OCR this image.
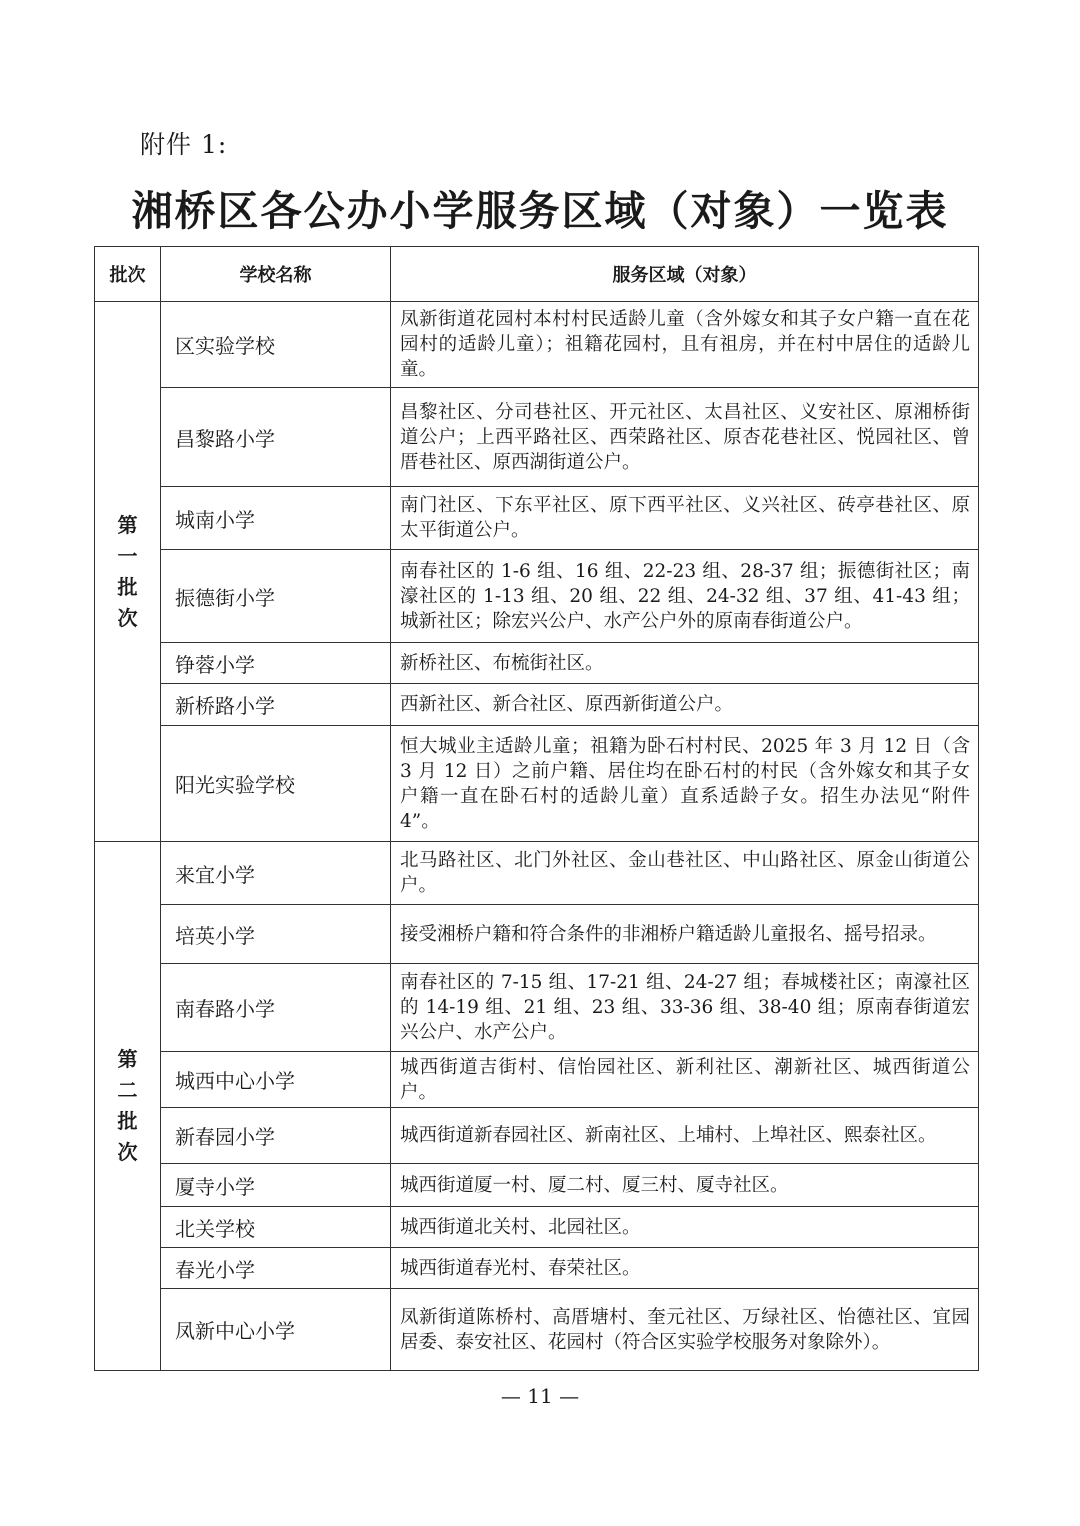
附件 1:
湘桥区各公办小学服务区域（对象）一览表
批次	学校名称	服务区域（对象）
第一批次	区实验学校	凤新街道花园村本村村民适龄儿童（含外嫁女和其子女户籍一直在花园村的适龄儿童）；祖籍花园村，且有祖房，并在村中居住的适龄儿童。
	昌黎路小学	昌黎社区、分司巷社区、开元社区、太昌社区、义安社区、原湘桥街道公户；上西平路社区、西荣路社区、原杏花巷社区、悦园社区、曾厝巷社区、原西湖街道公户。
	城南小学	南门社区、下东平社区、原下西平社区、义兴社区、砖亭巷社区、原太平街道公户。
	振德街小学	南春社区的 1-6 组、16 组、22-23 组、28-37 组；振德街社区；南濠社区的 1-13 组、20 组、22 组、24-32 组、37 组、41-43 组；城新社区；除宏兴公户、水产公户外的原南春街道公户。
	铮蓉小学	新桥社区、布梳街社区。
	新桥路小学	西新社区、新合社区、原西新街道公户。
	阳光实验学校	恒大城业主适龄儿童；祖籍为卧石村村民、2025 年 3 月 12 日（含 3 月 12 日）之前户籍、居住均在卧石村的村民（含外嫁女和其子女户籍一直在卧石村的适龄儿童）直系适龄子女。招生办法见“附件 4”。
第二批次	来宜小学	北马路社区、北门外社区、金山巷社区、中山路社区、原金山街道公户。
	培英小学	接受湘桥户籍和符合条件的非湘桥户籍适龄儿童报名、摇号招录。
	南春路小学	南春社区的 7-15 组、17-21 组、24-27 组；春城楼社区；南濠社区的 14-19 组、21 组、23 组、33-36 组、38-40 组；原南春街道宏兴公户、水产公户。
	城西中心小学	城西街道吉街村、信怡园社区、新利社区、潮新社区、城西街道公户。
	新春园小学	城西街道新春园社区、新南社区、上埔村、上埠社区、熙泰社区。
	厦寺小学	城西街道厦一村、厦二村、厦三村、厦寺社区。
	北关学校	城西街道北关村、北园社区。
	春光小学	城西街道春光村、春荣社区。
	凤新中心小学	凤新街道陈桥村、高厝塘村、奎元社区、万绿社区、怡德社区、宜园居委、泰安社区、花园村（符合区实验学校服务对象除外）。
— 11 —
